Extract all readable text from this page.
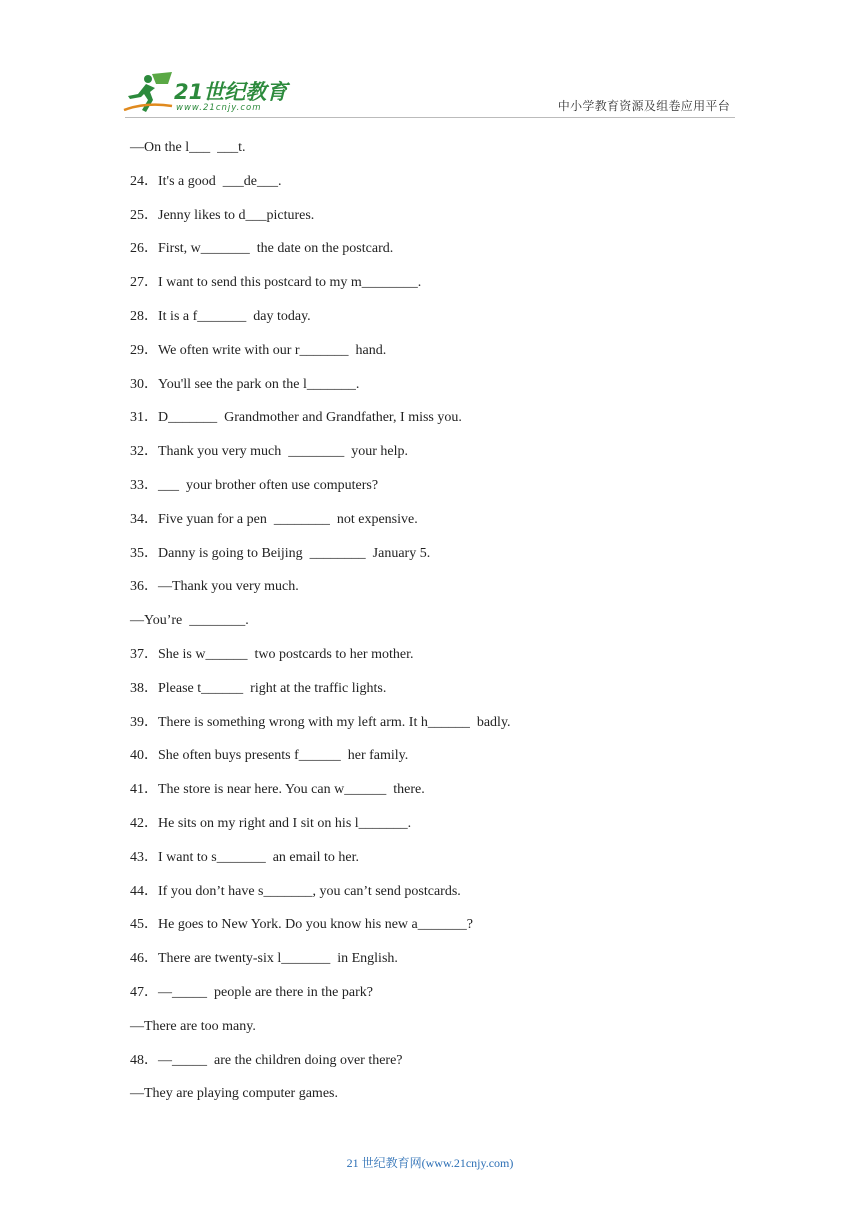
21世纪教育
www.21cnjy.com	中小学教育资源及组卷应用平台
—On the l___  ___t.
24．It's a good  ___de___.
25．Jenny likes to d___pictures.
26．First, w_______  the date on the postcard.
27．I want to send this postcard to my m________.
28．It is a f_______  day today.
29．We often write with our r_______  hand.
30．You'll see the park on the l_______.
31．D_______  Grandmother and Grandfather, I miss you.
32．Thank you very much  ________  your help.
33．___  your brother often use computers?
34．Five yuan for a pen  ________  not expensive.
35．Danny is going to Beijing  ________  January 5.
36．—Thank you very much.
—You’re  ________.
37．She is w______  two postcards to her mother.
38．Please t______  right at the traffic lights.
39．There is something wrong with my left arm. It h______  badly.
40．She often buys presents f______  her family.
41．The store is near here. You can w______  there.
42．He sits on my right and I sit on his l_______.
43．I want to s_______  an email to her.
44．If you don’t have s_______, you can’t send postcards.
45．He goes to New York. Do you know his new a_______?
46．There are twenty-six l_______  in English.
47．—_____  people are there in the park?
—There are too many.
48．—_____  are the children doing over there?
—They are playing computer games.
21 世纪教育网(www.21cnjy.com)
